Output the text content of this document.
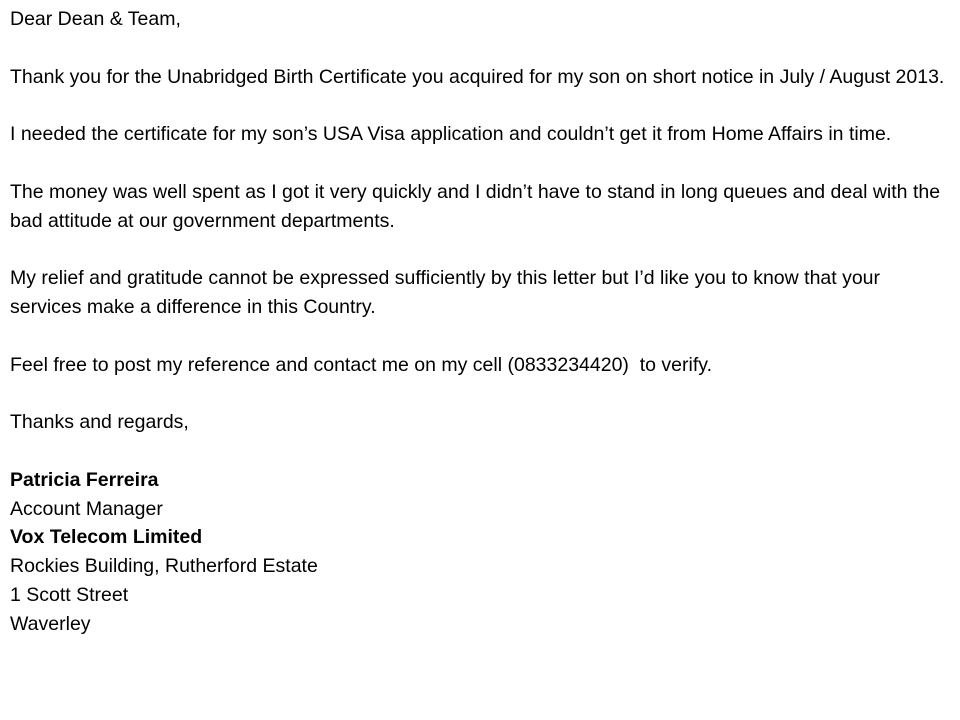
Dear Dean & Team,

Thank you for the Unabridged Birth Certificate you acquired for my son on short notice in July / August 2013.

I needed the certificate for my son’s USA Visa application and couldn’t get it from Home Affairs in time.

The money was well spent as I got it very quickly and I didn’t have to stand in long queues and deal with the bad attitude at our government departments.

My relief and gratitude cannot be expressed sufficiently by this letter but I’d like you to know that your services make a difference in this Country.

Feel free to post my reference and contact me on my cell (0833234420)  to verify.

Thanks and regards,

Patricia Ferreira
Account Manager
Vox Telecom Limited
Rockies Building, Rutherford Estate
1 Scott Street
Waverley
